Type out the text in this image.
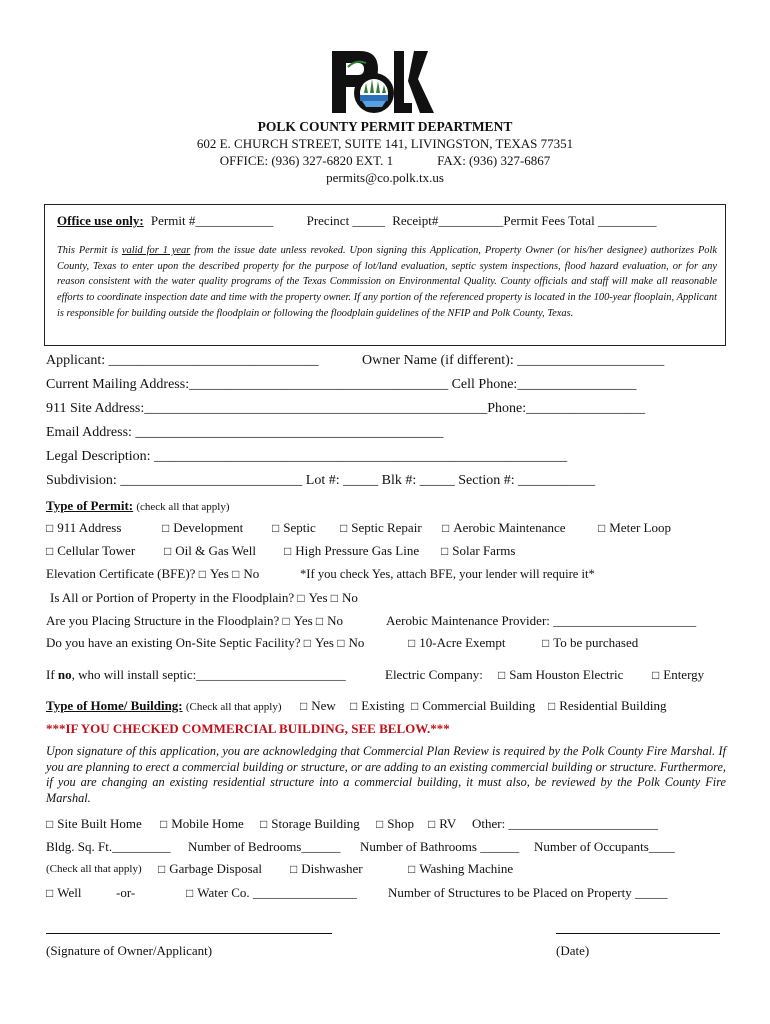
POLK COUNTY PERMIT DEPARTMENT
602 E. CHURCH STREET, SUITE 141, LIVINGSTON, TEXAS 77351
OFFICE: (936) 327-6820 EXT. 1	FAX: (936) 327-6867
permits@co.polk.tx.us
Office use only: Permit #____________	Precinct _____ Receipt#__________Permit Fees Total _________
This Permit is valid for 1 year from the issue date unless revoked. Upon signing this Application, Property Owner (or his/her designee) authorizes Polk County, Texas to enter upon the described property for the purpose of lot/land evaluation, septic system inspections, flood hazard evaluation, or for any reason consistent with the water quality programs of the Texas Commission on Environmental Quality. County officials and staff will make all reasonable efforts to coordinate inspection date and time with the property owner. If any portion of the referenced property is located in the 100-year flooplain, Applicant is responsible for building outside the floodplain or following the floodplain guidelines of the NFIP and Polk County, Texas.
Applicant: ______________________________	Owner Name (if different): _____________________
Current Mailing Address:_____________________________________ Cell Phone:_________________
911 Site Address:_________________________________________________Phone:_________________
Email Address: ____________________________________________
Legal Description: ___________________________________________________________
Subdivision: __________________________ Lot #: _____ Blk #: _____ Section #: ___________
Type of Permit: (check all that apply)
□ 911 Address	□ Development □ Septic □ Septic Repair □ Aerobic Maintenance	□ Meter Loop
□ Cellular Tower □ Oil & Gas Well □ High Pressure Gas Line □ Solar Farms
Elevation Certificate (BFE)? □ Yes □ No	*If you check Yes, attach BFE, your lender will require it*
Is All or Portion of Property in the Floodplain? □ Yes □ No
Are you Placing Structure in the Floodplain? □ Yes □ No	Aerobic Maintenance Provider: ______________________
Do you have an existing On-Site Septic Facility? □ Yes □ No	□ 10-Acre Exempt	□ To be purchased
If no, who will install septic:_______________________	Electric Company: □ Sam Houston Electric □ Entergy
Type of Home/ Building: (Check all that apply) □ New □ Existing □ Commercial Building □ Residential Building
***IF YOU CHECKED COMMERCIAL BUILDING, SEE BELOW.***
Upon signature of this application, you are acknowledging that Commercial Plan Review is required by the Polk County Fire Marshal. If you are planning to erect a commercial building or structure, or are adding to an existing commercial building or structure. Furthermore, if you are changing an existing residential structure into a commercial building, it must also, be reviewed by the Polk County Fire Marshal.
□ Site Built Home □ Mobile Home □ Storage Building □ Shop □ RV Other: _______________________
Bldg. Sq. Ft._________ Number of Bedrooms______ Number of Bathrooms ______ Number of Occupants____
(Check all that apply) □ Garbage Disposal □ Dishwasher	□ Washing Machine
□ Well	-or-	□ Water Co. ________________ Number of Structures to be Placed on Property _____
(Signature of Owner/Applicant)	(Date)
